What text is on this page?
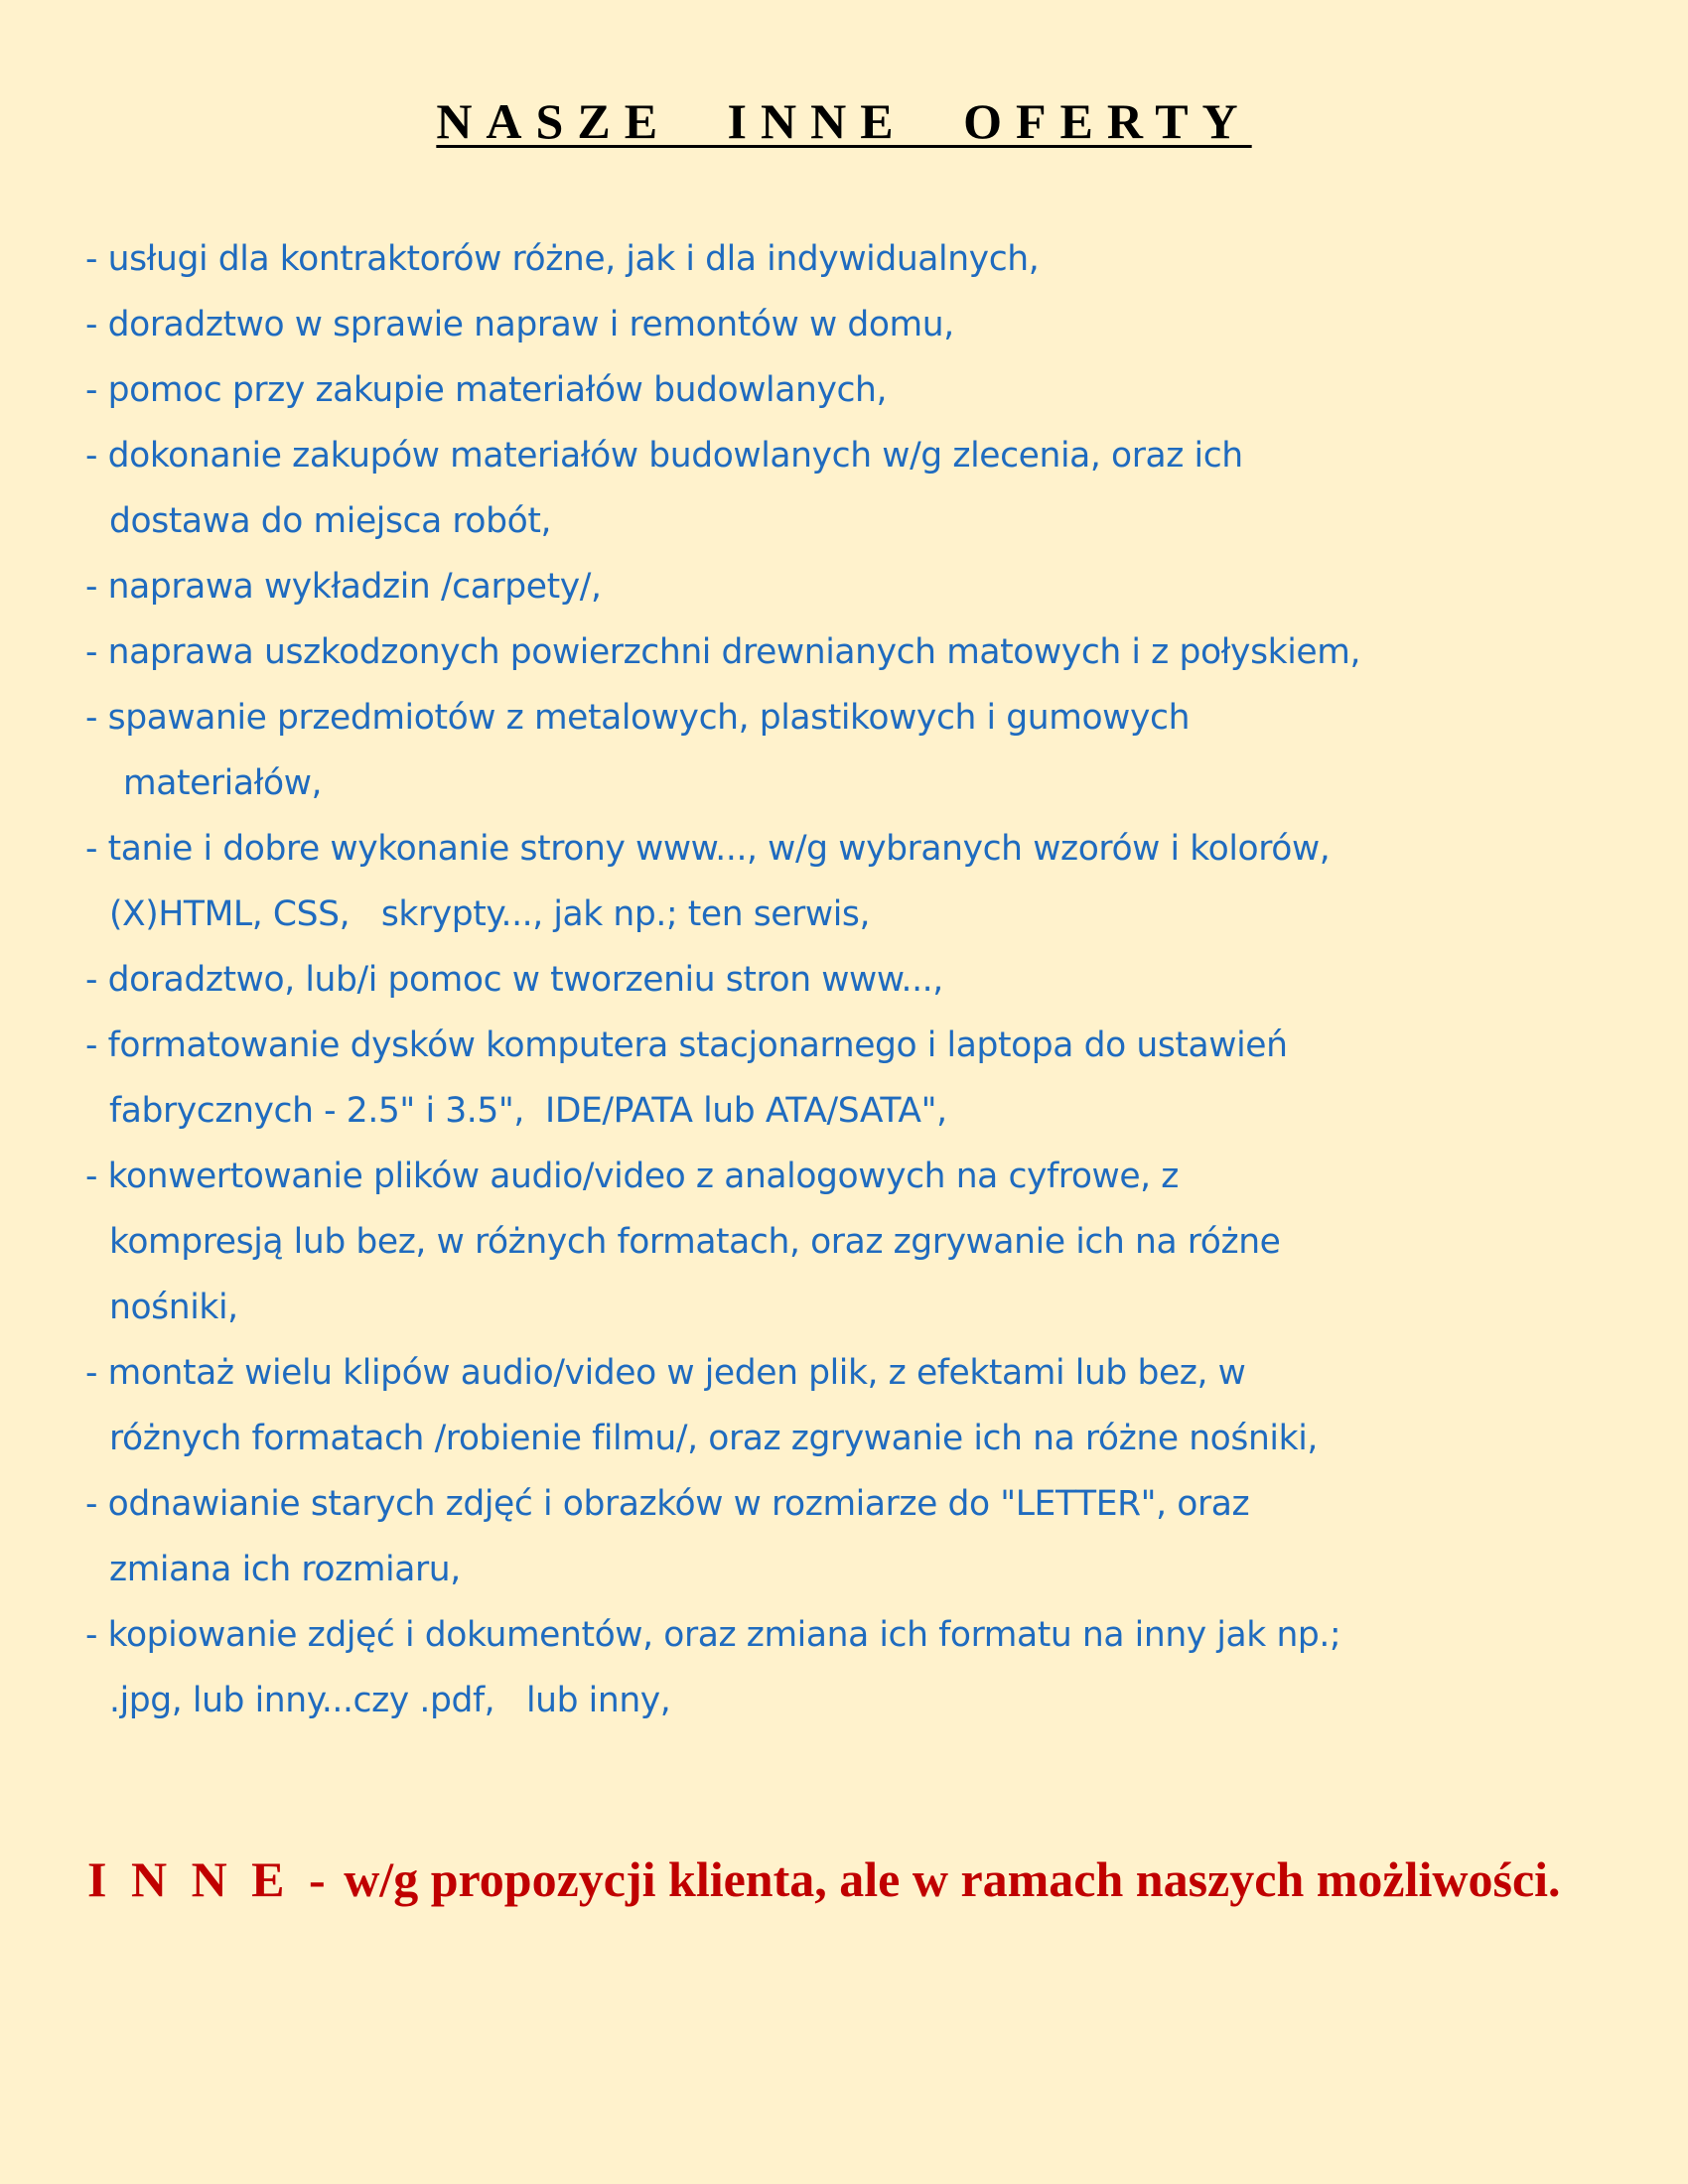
NASZE INNE OFERTY
- usługi dla kontraktorów różne, jak i dla indywidualnych,
- doradztwo w sprawie napraw i remontów w domu,
- pomoc przy zakupie materiałów budowlanych,
- dokonanie zakupów materiałów budowlanych w/g zlecenia, oraz ich
dostawa do miejsca robót,
- naprawa wykładzin /carpety/,
- naprawa uszkodzonych powierzchni drewnianych matowych i z połyskiem,
- spawanie przedmiotów z metalowych, plastikowych i gumowych
materiałów,
- tanie i dobre wykonanie strony www..., w/g wybranych wzorów i kolorów,
(X)HTML, CSS,   skrypty..., jak np.; ten serwis,
- doradztwo, lub/i pomoc w tworzeniu stron www...,
- formatowanie dysków komputera stacjonarnego i laptopa do ustawień
fabrycznych - 2.5" i 3.5",  IDE/PATA lub ATA/SATA",
- konwertowanie plików audio/video z analogowych na cyfrowe, z
kompresją lub bez, w różnych formatach, oraz zgrywanie ich na różne
nośniki,
- montaż wielu klipów audio/video w jeden plik, z efektami lub bez, w
różnych formatach /robienie filmu/, oraz zgrywanie ich na różne nośniki,
- odnawianie starych zdjęć i obrazków w rozmiarze do "LETTER", oraz
zmiana ich rozmiaru,
- kopiowanie zdjęć i dokumentów, oraz zmiana ich formatu na inny jak np.;
.jpg, lub inny...czy .pdf,   lub inny,
I N N E - w/g propozycji klienta, ale w ramach naszych możliwości.
